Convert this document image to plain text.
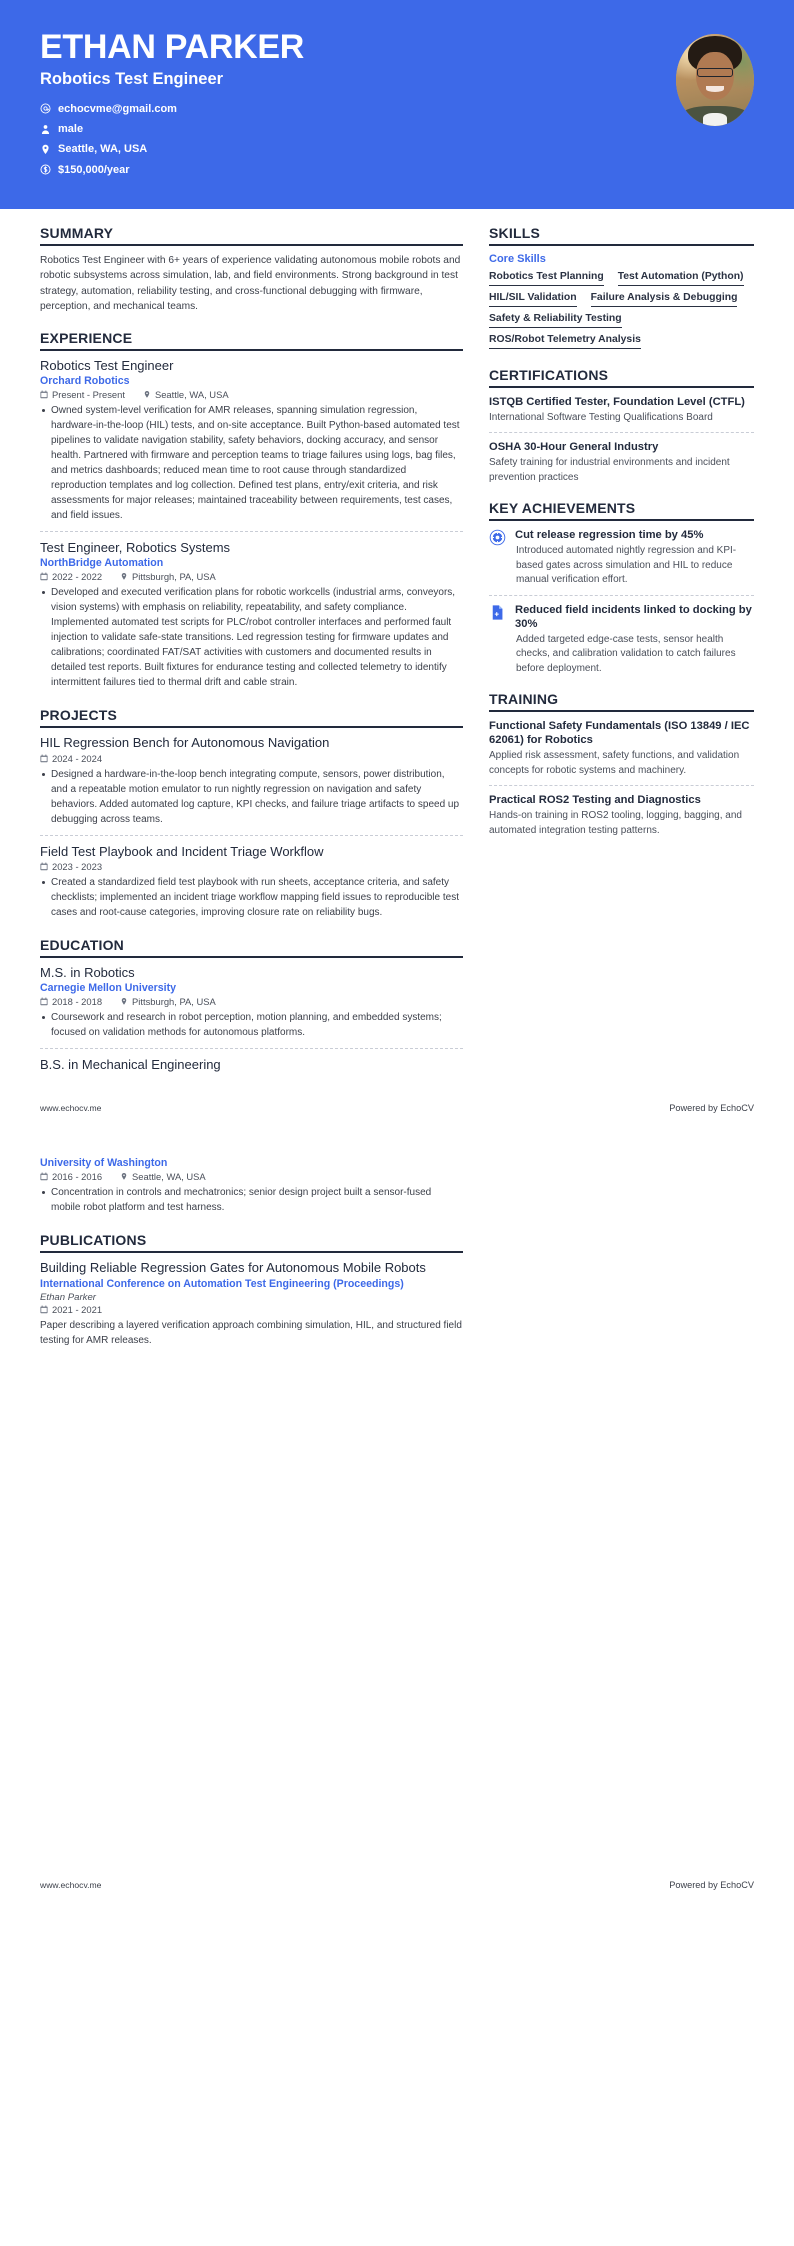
ETHAN PARKER
Robotics Test Engineer
echocvme@gmail.com
male
Seattle, WA, USA
$150,000/year
SUMMARY
Robotics Test Engineer with 6+ years of experience validating autonomous mobile robots and robotic subsystems across simulation, lab, and field environments. Strong background in test strategy, automation, reliability testing, and cross-functional debugging with firmware, perception, and mechanical teams.
EXPERIENCE
Robotics Test Engineer
Orchard Robotics
Present - Present	Seattle, WA, USA
Owned system-level verification for AMR releases, spanning simulation regression, hardware-in-the-loop (HIL) tests, and on-site acceptance. Built Python-based automated test pipelines to validate navigation stability, safety behaviors, docking accuracy, and sensor health. Partnered with firmware and perception teams to triage failures using logs, bag files, and metrics dashboards; reduced mean time to root cause through standardized reproduction templates and log collection. Defined test plans, entry/exit criteria, and risk assessments for major releases; maintained traceability between requirements, test cases, and field issues.
Test Engineer, Robotics Systems
NorthBridge Automation
2022 - 2022	Pittsburgh, PA, USA
Developed and executed verification plans for robotic workcells (industrial arms, conveyors, vision systems) with emphasis on reliability, repeatability, and safety compliance. Implemented automated test scripts for PLC/robot controller interfaces and performed fault injection to validate safe-state transitions. Led regression testing for firmware updates and calibrations; coordinated FAT/SAT activities with customers and documented results in detailed test reports. Built fixtures for endurance testing and collected telemetry to identify intermittent failures tied to thermal drift and cable strain.
PROJECTS
HIL Regression Bench for Autonomous Navigation
2024 - 2024
Designed a hardware-in-the-loop bench integrating compute, sensors, power distribution, and a repeatable motion emulator to run nightly regression on navigation and safety behaviors. Added automated log capture, KPI checks, and failure triage artifacts to speed up debugging across teams.
Field Test Playbook and Incident Triage Workflow
2023 - 2023
Created a standardized field test playbook with run sheets, acceptance criteria, and safety checklists; implemented an incident triage workflow mapping field issues to reproducible test cases and root-cause categories, improving closure rate on reliability bugs.
EDUCATION
M.S. in Robotics
Carnegie Mellon University
2018 - 2018	Pittsburgh, PA, USA
Coursework and research in robot perception, motion planning, and embedded systems; focused on validation methods for autonomous platforms.
B.S. in Mechanical Engineering
SKILLS
Core Skills
Robotics Test Planning Test Automation (Python)
HIL/SIL Validation Failure Analysis & Debugging
Safety & Reliability Testing
ROS/Robot Telemetry Analysis
CERTIFICATIONS
ISTQB Certified Tester, Foundation Level (CTFL)
International Software Testing Qualifications Board
OSHA 30-Hour General Industry
Safety training for industrial environments and incident prevention practices
KEY ACHIEVEMENTS
Cut release regression time by 45%
Introduced automated nightly regression and KPI-based gates across simulation and HIL to reduce manual verification effort.
Reduced field incidents linked to docking by 30%
Added targeted edge-case tests, sensor health checks, and calibration validation to catch failures before deployment.
TRAINING
Functional Safety Fundamentals (ISO 13849 / IEC 62061) for Robotics
Applied risk assessment, safety functions, and validation concepts for robotic systems and machinery.
Practical ROS2 Testing and Diagnostics
Hands-on training in ROS2 tooling, logging, bagging, and automated integration testing patterns.
www.echocv.me	Powered by EchoCV
University of Washington
2016 - 2016	Seattle, WA, USA
Concentration in controls and mechatronics; senior design project built a sensor-fused mobile robot platform and test harness.
PUBLICATIONS
Building Reliable Regression Gates for Autonomous Mobile Robots
International Conference on Automation Test Engineering (Proceedings)
Ethan Parker
2021 - 2021
Paper describing a layered verification approach combining simulation, HIL, and structured field testing for AMR releases.
www.echocv.me	Powered by EchoCV
